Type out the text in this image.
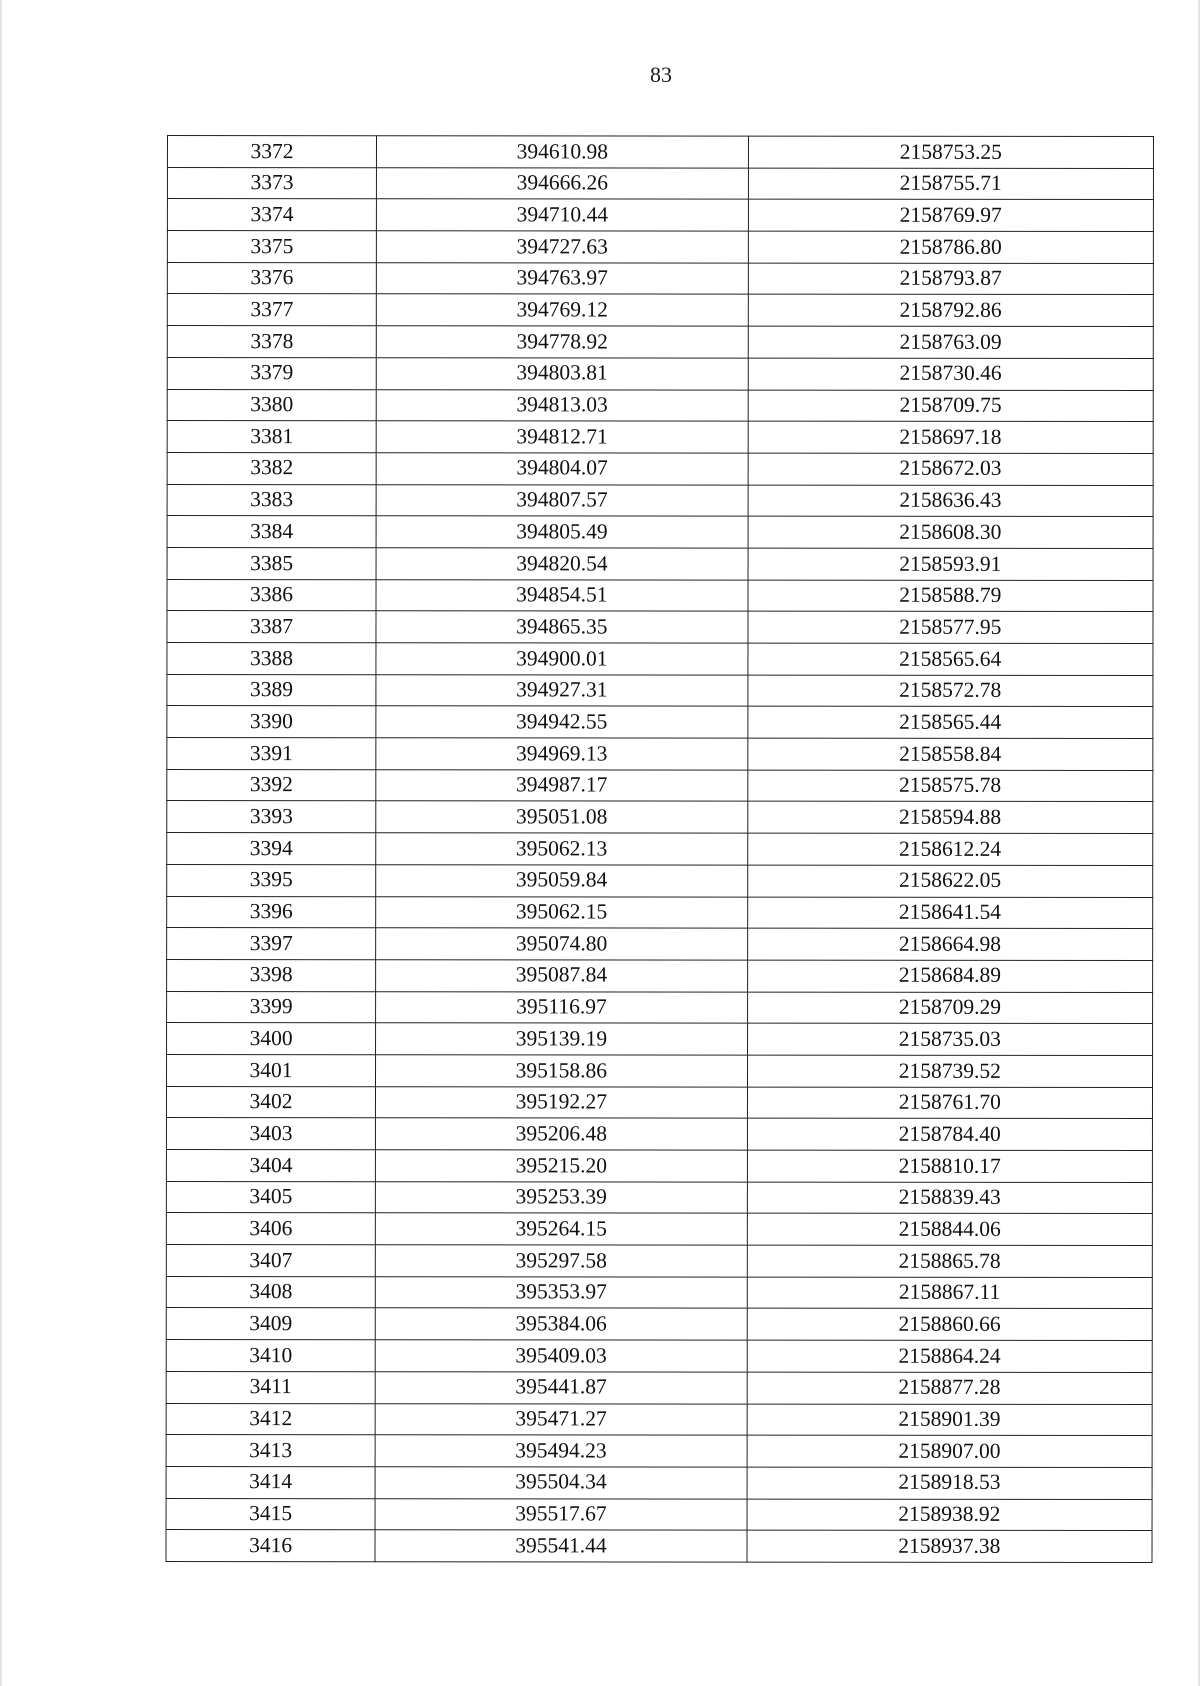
83
3372	394610.98	2158753.25
3373	394666.26	2158755.71
3374	394710.44	2158769.97
3375	394727.63	2158786.80
3376	394763.97	2158793.87
3377	394769.12	2158792.86
3378	394778.92	2158763.09
3379	394803.81	2158730.46
3380	394813.03	2158709.75
3381	394812.71	2158697.18
3382	394804.07	2158672.03
3383	394807.57	2158636.43
3384	394805.49	2158608.30
3385	394820.54	2158593.91
3386	394854.51	2158588.79
3387	394865.35	2158577.95
3388	394900.01	2158565.64
3389	394927.31	2158572.78
3390	394942.55	2158565.44
3391	394969.13	2158558.84
3392	394987.17	2158575.78
3393	395051.08	2158594.88
3394	395062.13	2158612.24
3395	395059.84	2158622.05
3396	395062.15	2158641.54
3397	395074.80	2158664.98
3398	395087.84	2158684.89
3399	395116.97	2158709.29
3400	395139.19	2158735.03
3401	395158.86	2158739.52
3402	395192.27	2158761.70
3403	395206.48	2158784.40
3404	395215.20	2158810.17
3405	395253.39	2158839.43
3406	395264.15	2158844.06
3407	395297.58	2158865.78
3408	395353.97	2158867.11
3409	395384.06	2158860.66
3410	395409.03	2158864.24
3411	395441.87	2158877.28
3412	395471.27	2158901.39
3413	395494.23	2158907.00
3414	395504.34	2158918.53
3415	395517.67	2158938.92
3416	395541.44	2158937.38
